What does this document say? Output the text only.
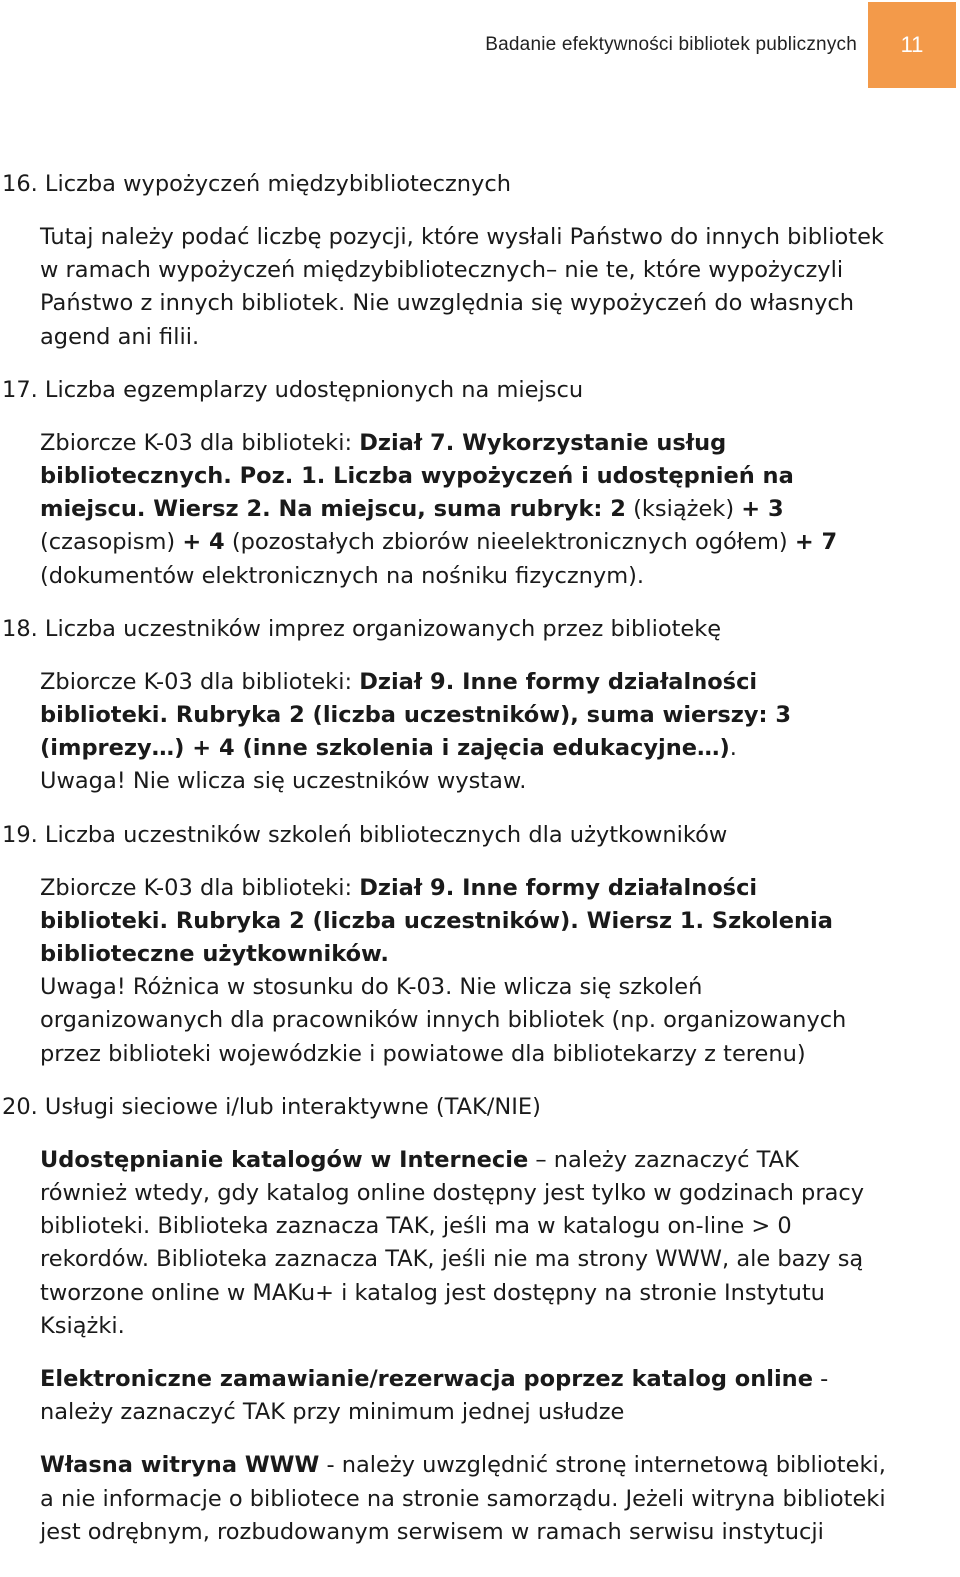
Badanie efektywności bibliotek publicznych 11
16. Liczba wypożyczeń międzybibliotecznych
Tutaj należy podać liczbę pozycji, które wysłali Państwo do innych bibliotek
w ramach wypożyczeń międzybibliotecznych– nie te, które wypożyczyli
Państwo z innych bibliotek. Nie uwzględnia się wypożyczeń do własnych
agend ani filii.
17. Liczba egzemplarzy udostępnionych na miejscu
Zbiorcze K-03 dla biblioteki: Dział 7. Wykorzystanie usług
bibliotecznych. Poz. 1. Liczba wypożyczeń i udostępnień na
miejscu. Wiersz 2. Na miejscu, suma rubryk: 2 (książek) + 3
(czasopism) + 4 (pozostałych zbiorów nieelektronicznych ogółem) + 7
(dokumentów elektronicznych na nośniku fizycznym).
18. Liczba uczestników imprez organizowanych przez bibliotekę
Zbiorcze K-03 dla biblioteki: Dział 9. Inne formy działalności
biblioteki. Rubryka 2 (liczba uczestników), suma wierszy: 3
(imprezy…) + 4 (inne szkolenia i zajęcia edukacyjne…).
Uwaga! Nie wlicza się uczestników wystaw.
19. Liczba uczestników szkoleń bibliotecznych dla użytkowników
Zbiorcze K-03 dla biblioteki: Dział 9. Inne formy działalności
biblioteki. Rubryka 2 (liczba uczestników). Wiersz 1. Szkolenia
biblioteczne użytkowników.
Uwaga! Różnica w stosunku do K-03. Nie wlicza się szkoleń
organizowanych dla pracowników innych bibliotek (np. organizowanych
przez biblioteki wojewódzkie i powiatowe dla bibliotekarzy z terenu)
20. Usługi sieciowe i/lub interaktywne (TAK/NIE)
Udostępnianie katalogów w Internecie – należy zaznaczyć TAK
również wtedy, gdy katalog online dostępny jest tylko w godzinach pracy
biblioteki. Biblioteka zaznacza TAK, jeśli ma w katalogu on-line > 0
rekordów. Biblioteka zaznacza TAK, jeśli nie ma strony WWW, ale bazy są
tworzone online w MAKu+ i katalog jest dostępny na stronie Instytutu
Książki.
Elektroniczne zamawianie/rezerwacja poprzez katalog online -
należy zaznaczyć TAK przy minimum jednej usłudze
Własna witryna WWW - należy uwzględnić stronę internetową biblioteki,
a nie informacje o bibliotece na stronie samorządu. Jeżeli witryna biblioteki
jest odrębnym, rozbudowanym serwisem w ramach serwisu instytucji
